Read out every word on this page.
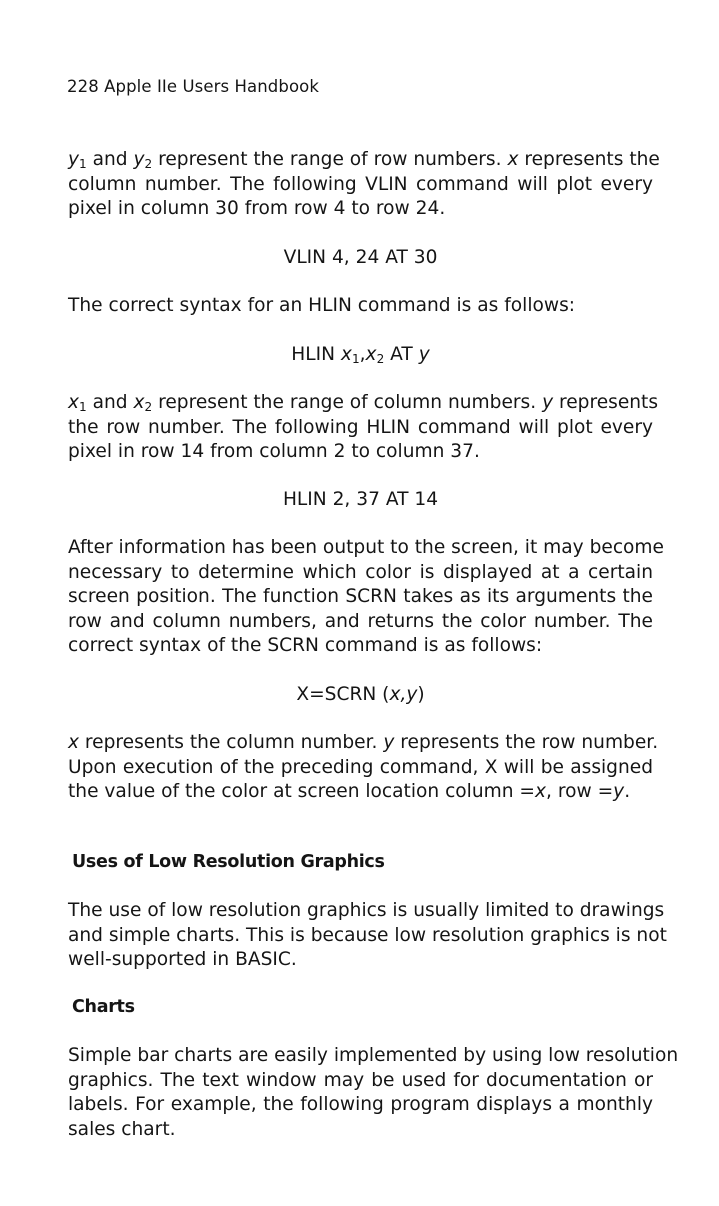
228 Apple IIe Users Handbook

$y_1$ and $y_2$ represent the range of row numbers. x represents the
column number. The following VLIN command will plot every
pixel in column 30 from row 4 to row 24.

VLIN 4, 24 AT 30

The correct syntax for an HLIN command is as follows:

HLIN $x_1,x_2$ AT y

$x_1$ and $x_2$ represent the range of column numbers. y represents
the row number. The following HLIN command will plot every
pixel in row 14 from column 2 to column 37.

HLIN 2, 37 AT 14

After information has been output to the screen, it may become
necessary to determine which color is displayed at a certain
screen position. The function SCRN takes as its arguments the
row and column numbers, and returns the color number. The
correct syntax of the SCRN command is as follows:

X=SCRN (x,y)

x represents the column number. y represents the row number.
Upon execution of the preceding command, X will be assigned
the value of the color at screen location column =x, row =y.

Uses of Low Resolution Graphics

The use of low resolution graphics is usually limited to drawings
and simple charts. This is because low resolution graphics is not
well-supported in BASIC.

Charts

Simple bar charts are easily implemented by using low resolution
graphics. The text window may be used for documentation or
labels. For example, the following program displays a monthly
sales chart.
